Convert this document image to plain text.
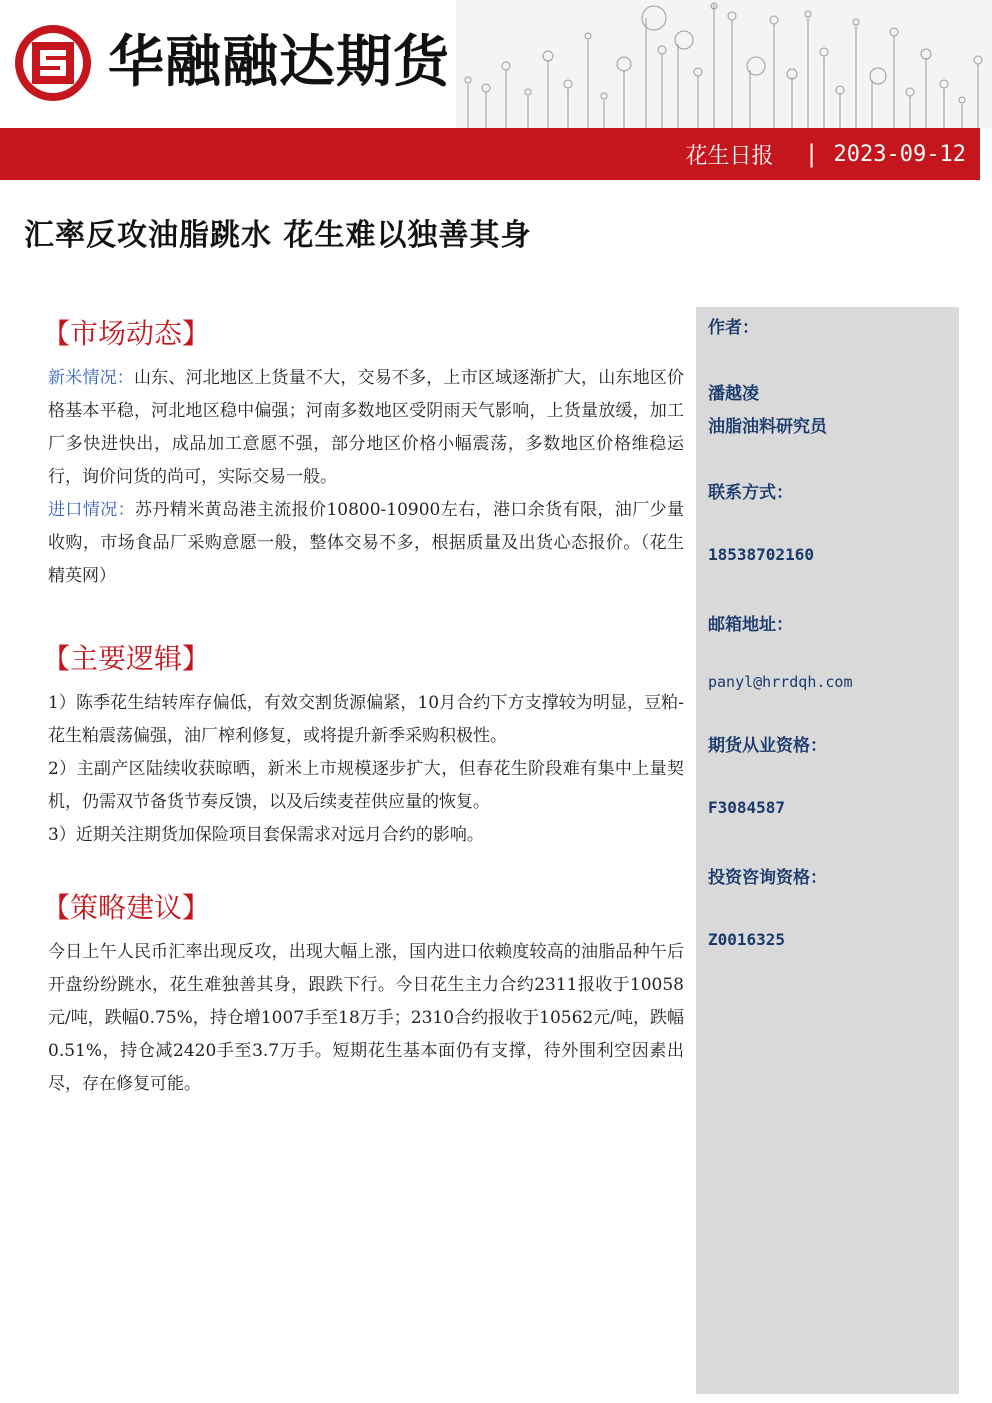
华融融达期货
花生日报 | 2023-09-12
汇率反攻油脂跳水 花生难以独善其身
【市场动态】

新米情况：山东、河北地区上货量不大，交易不多，上市区域逐渐扩大，山东地区价格基本平稳，河北地区稳中偏强；河南多数地区受阴雨天气影响，上货量放缓，加工厂多快进快出，成品加工意愿不强，部分地区价格小幅震荡，多数地区价格维稳运行，询价问货的尚可，实际交易一般。

进口情况：苏丹精米黄岛港主流报价10800-10900左右，港口余货有限，油厂少量收购，市场食品厂采购意愿一般，整体交易不多，根据质量及出货心态报价。（花生精英网）

【主要逻辑】

1）陈季花生结转库存偏低，有效交割货源偏紧，10月合约下方支撑较为明显，豆粕-花生粕震荡偏强，油厂榨利修复，或将提升新季采购积极性。

2）主副产区陆续收获晾晒，新米上市规模逐步扩大，但春花生阶段难有集中上量契机，仍需双节备货节奏反馈，以及后续麦茬供应量的恢复。

3）近期关注期货加保险项目套保需求对远月合约的影响。

【策略建议】

今日上午人民币汇率出现反攻，出现大幅上涨，国内进口依赖度较高的油脂品种午后开盘纷纷跳水，花生难独善其身，跟跌下行。今日花生主力合约2311报收于10058元/吨，跌幅0.75%，持仓增1007手至18万手；2310合约报收于10562元/吨，跌幅0.51%，持仓减2420手至3.7万手。短期花生基本面仍有支撑，待外围利空因素出尽，存在修复可能。

作者：
潘越凌
油脂油料研究员
联系方式：
18538702160
邮箱地址：
panyl@hrrdqh.com
期货从业资格：
F3084587
投资咨询资格：
Z0016325
